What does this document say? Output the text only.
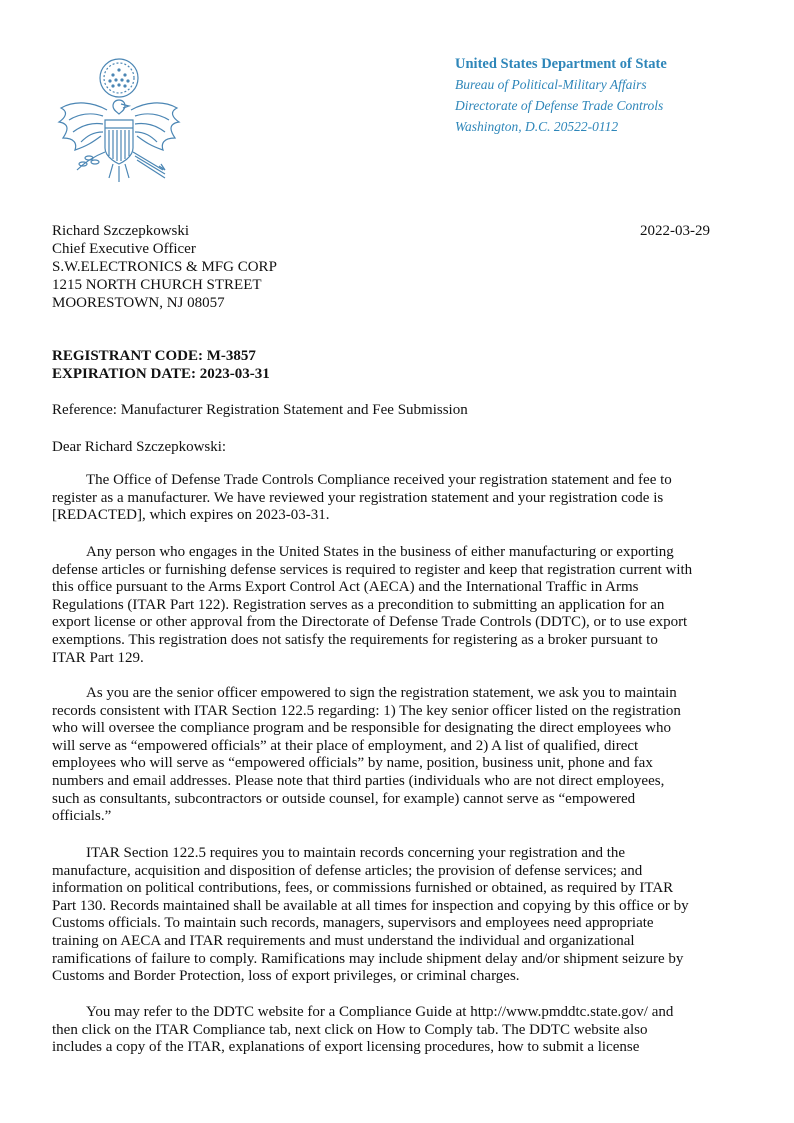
United States Department of State
Bureau of Political-Military Affairs
Directorate of Defense Trade Controls
Washington, D.C. 20522-0112
Richard Szczepkowski
Chief Executive Officer
S.W.ELECTRONICS & MFG CORP
1215 NORTH CHURCH STREET
MOORESTOWN, NJ 08057
2022-03-29
REGISTRANT CODE: M-3857
EXPIRATION DATE: 2023-03-31
Reference: Manufacturer Registration Statement and Fee Submission
Dear Richard Szczepkowski:
The Office of Defense Trade Controls Compliance received your registration statement and fee to
register as a manufacturer. We have reviewed your registration statement and your registration code is
[REDACTED], which expires on 2023-03-31.
Any person who engages in the United States in the business of either manufacturing or exporting
defense articles or furnishing defense services is required to register and keep that registration current with
this office pursuant to the Arms Export Control Act (AECA) and the International Traffic in Arms
Regulations (ITAR Part 122). Registration serves as a precondition to submitting an application for an
export license or other approval from the Directorate of Defense Trade Controls (DDTC), or to use export
exemptions. This registration does not satisfy the requirements for registering as a broker pursuant to
ITAR Part 129.
As you are the senior officer empowered to sign the registration statement, we ask you to maintain
records consistent with ITAR Section 122.5 regarding: 1) The key senior officer listed on the registration
who will oversee the compliance program and be responsible for designating the direct employees who
will serve as “empowered officials” at their place of employment, and 2) A list of qualified, direct
employees who will serve as “empowered officials” by name, position, business unit, phone and fax
numbers and email addresses. Please note that third parties (individuals who are not direct employees,
such as consultants, subcontractors or outside counsel, for example) cannot serve as “empowered
officials.”
ITAR Section 122.5 requires you to maintain records concerning your registration and the
manufacture, acquisition and disposition of defense articles; the provision of defense services; and
information on political contributions, fees, or commissions furnished or obtained, as required by ITAR
Part 130. Records maintained shall be available at all times for inspection and copying by this office or by
Customs officials. To maintain such records, managers, supervisors and employees need appropriate
training on AECA and ITAR requirements and must understand the individual and organizational
ramifications of failure to comply. Ramifications may include shipment delay and/or shipment seizure by
Customs and Border Protection, loss of export privileges, or criminal charges.
You may refer to the DDTC website for a Compliance Guide at http://www.pmddtc.state.gov/ and
then click on the ITAR Compliance tab, next click on How to Comply tab. The DDTC website also
includes a copy of the ITAR, explanations of export licensing procedures, how to submit a license
